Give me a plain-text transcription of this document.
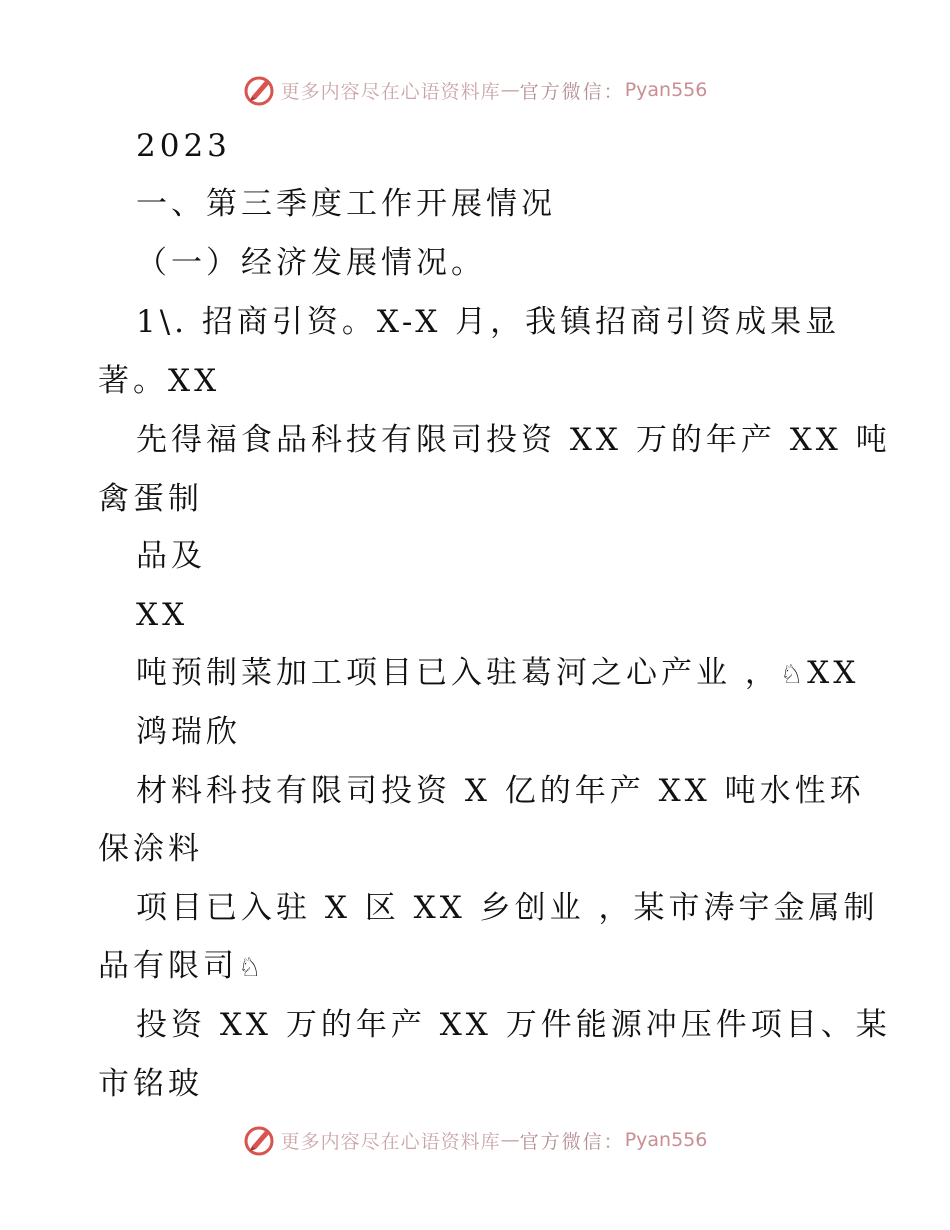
更多内容尽在心语资料库 — 官方微信： Pyan556
2023
一、第三季度工作开展情况
（一）经济发展情况。
1\. 招商引资。X-X 月，我镇招商引资成果显
著。XX
先得福食品科技有限司投资 XX 万的年产 XX 吨
禽蛋制
品及
XX
吨预制菜加工项目已入驻葛河之心产业 ，♘XX
鸿瑞欣
材料科技有限司投资 X 亿的年产 XX 吨水性环
保涂料
项目已入驻 X 区 XX 乡创业 ，某市涛宇金属制
品有限司♘
投资 XX 万的年产 XX 万件能源冲压件项目、某
市铭玻
更多内容尽在心语资料库 — 官方微信： Pyan556
